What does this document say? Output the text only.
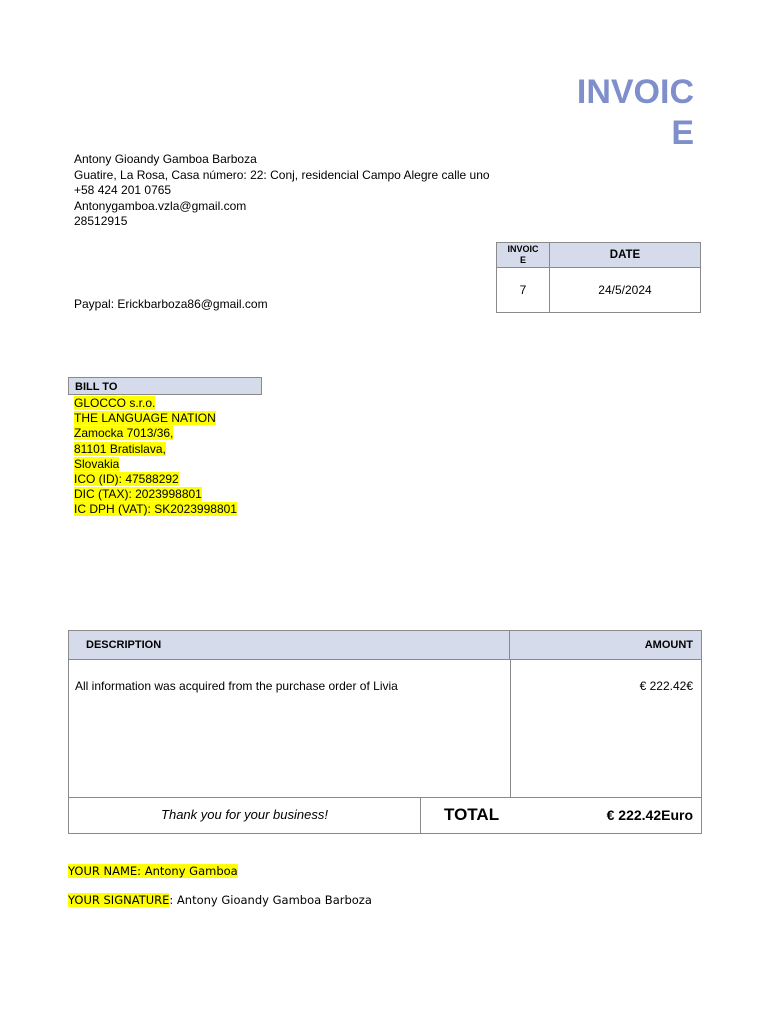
INVOIC
E
Antony Gioandy Gamboa Barboza
Guatire, La Rosa, Casa número: 22: Conj, residencial Campo Alegre calle uno
+58 424 201 0765
Antonygamboa.vzla@gmail.com
28512915
Paypal: Erickbarboza86@gmail.com
INVOIC
E	DATE
7	24/5/2024
BILL TO
GLOCCO s.r.o.
THE LANGUAGE NATION
Zamocka 7013/36,
81101 Bratislava,
Slovakia
ICO (ID): 47588292
DIC (TAX): 2023998801
IC DPH (VAT): SK2023998801
DESCRIPTION	AMOUNT
All information was acquired from the purchase order of Livia	€ 222.42€
Thank you for your business!	TOTAL	€ 222.42Euro
YOUR NAME: Antony Gamboa
YOUR SIGNATURE: Antony Gioandy Gamboa Barboza
